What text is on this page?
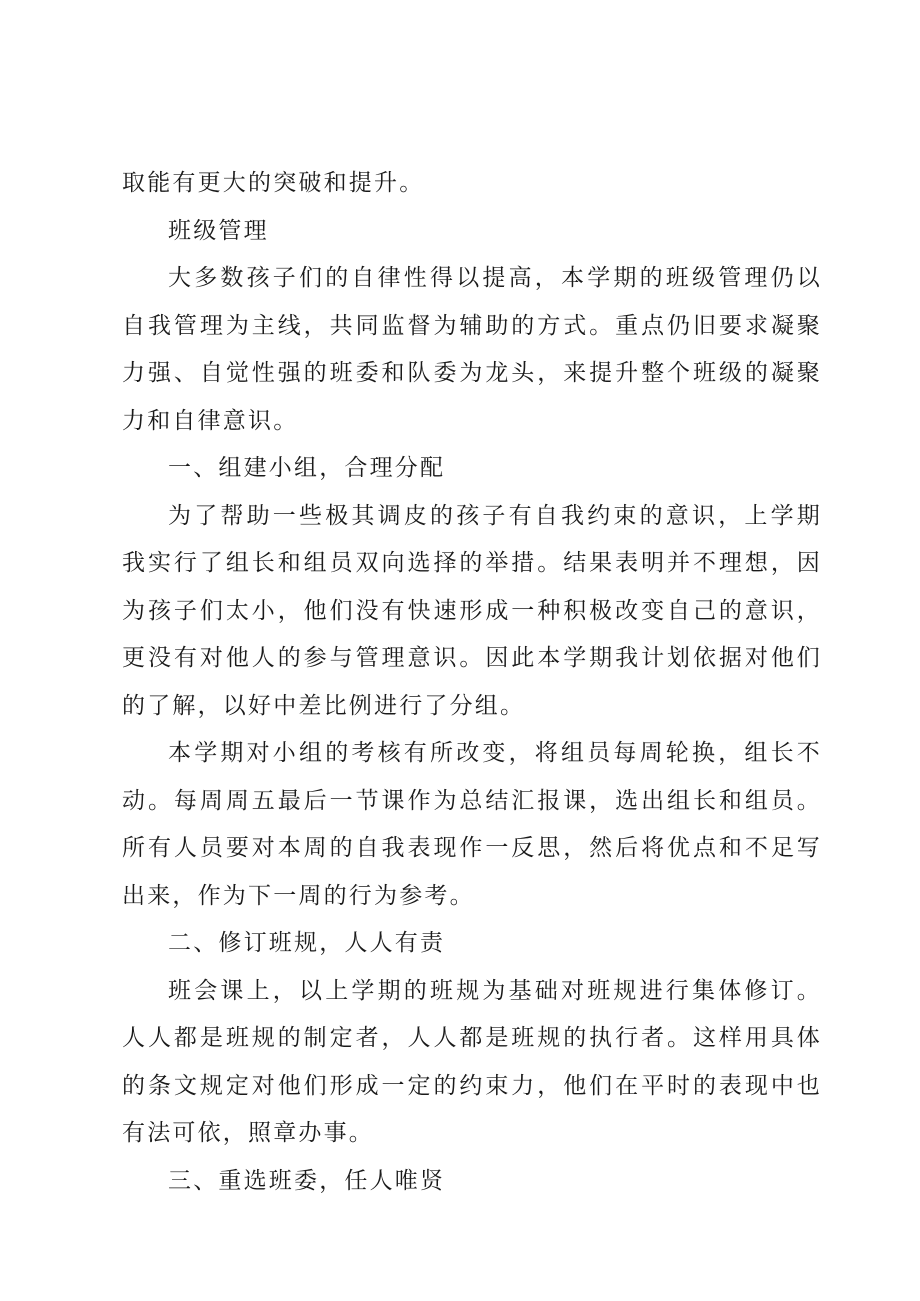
取能有更大的突破和提升。

班级管理

大多数孩子们的自律性得以提高，本学期的班级管理仍以自我管理为主线，共同监督为辅助的方式。重点仍旧要求凝聚力强、自觉性强的班委和队委为龙头，来提升整个班级的凝聚力和自律意识。

一、组建小组，合理分配

为了帮助一些极其调皮的孩子有自我约束的意识，上学期我实行了组长和组员双向选择的举措。结果表明并不理想，因为孩子们太小，他们没有快速形成一种积极改变自己的意识，更没有对他人的参与管理意识。因此本学期我计划依据对他们的了解，以好中差比例进行了分组。

本学期对小组的考核有所改变，将组员每周轮换，组长不动。每周周五最后一节课作为总结汇报课，选出组长和组员。所有人员要对本周的自我表现作一反思，然后将优点和不足写出来，作为下一周的行为参考。

二、修订班规，人人有责

班会课上，以上学期的班规为基础对班规进行集体修订。人人都是班规的制定者，人人都是班规的执行者。这样用具体的条文规定对他们形成一定的约束力，他们在平时的表现中也有法可依，照章办事。

三、重选班委，任人唯贤
